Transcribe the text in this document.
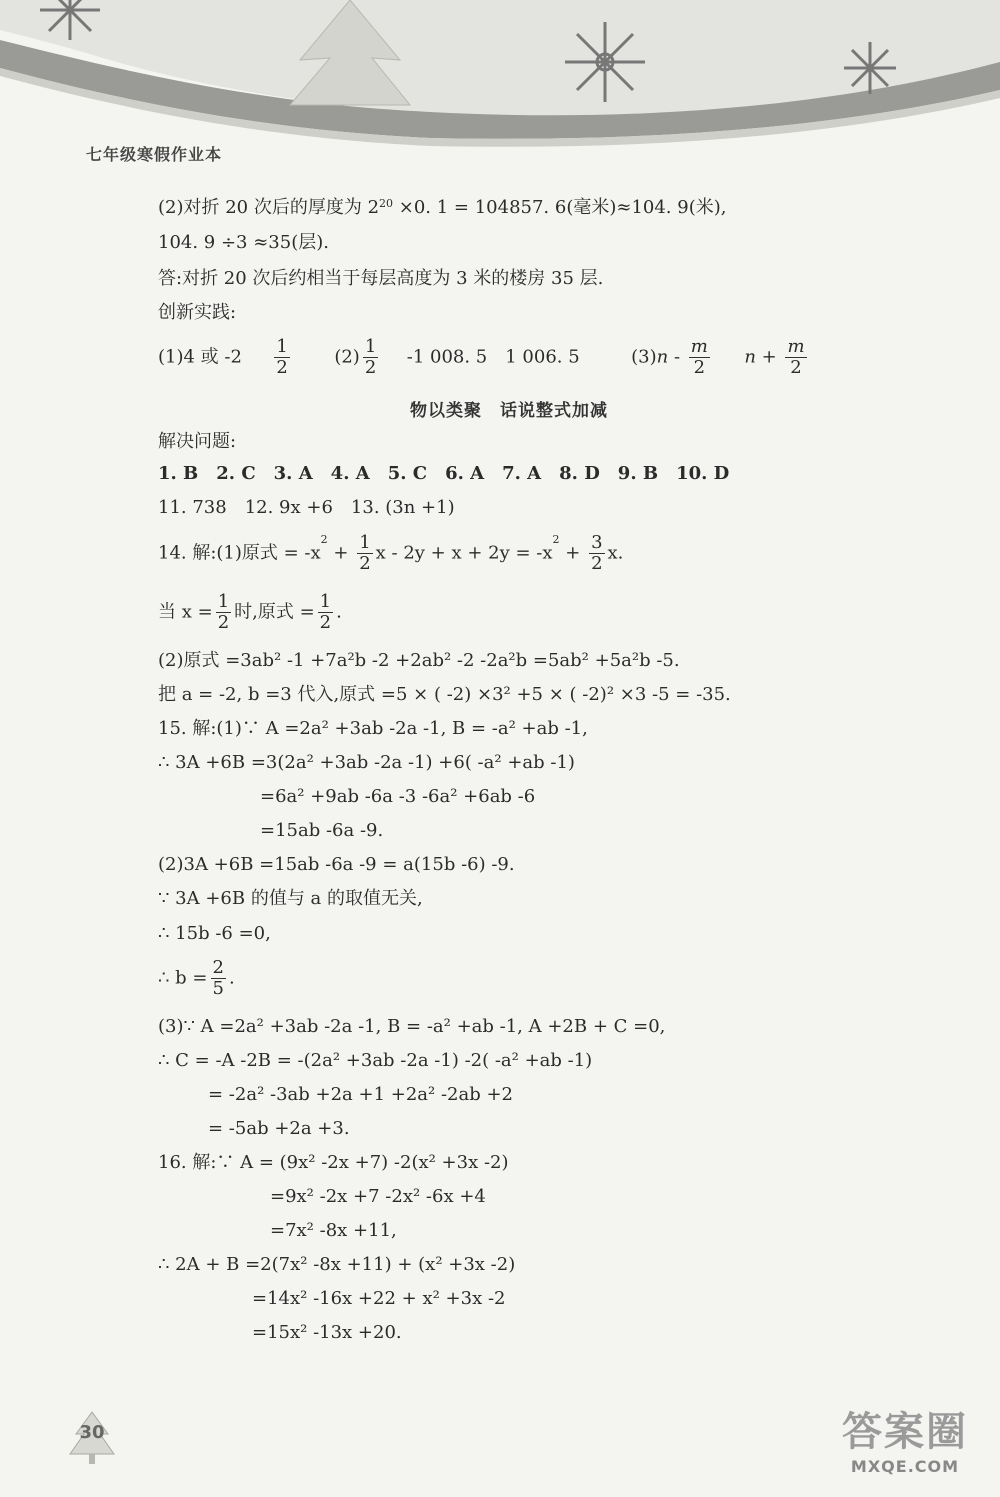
七年级寒假作业本
(2)对折 20 次后的厚度为 $2^{20} \times 0$. 1 = 104857. 6(毫米)≈104. 9(米),
104. 9 ÷3 ≈35(层).
答:对折 20 次后约相当于每层高度为 3 米的楼房 35 层.
创新实践:
(1)4 或 $-2 \frac{1}{2} (2) \frac{1}{2} -1$ 008. 5　1 006. 5	$(3)n - \frac{m}{2}$ $n + \frac{m}{2}$
物以类聚　话说整式加减
解决问题:
1. B　2. C　3. A　4. A　5. C　6. A　7. A　8. D　9. B　10. D
11. 738　12. 9x +6　13. (3n +1)
14. 解:(1)原式 = $-x^2 + \frac{1}{2}$ $x - 2y + x + 2y = -x^2 + \frac{3}{2} x$.
当 $x = \frac{1}{2}$ 时,原式 = $\frac{1}{2}$ .
(2)原式 =3ab² -1 +7a²b -2 +2ab² -2 -2a²b =5ab² +5a²b -5.
把 a = -2, b =3 代入,原式 =5 × ( -2) ×3² +5 × ( -2)² ×3 -5 = -35.
15. 解:(1)∵ A =2a² +3ab -2a -1, B = -a² +ab -1,
∴ 3A +6B =3(2a² +3ab -2a -1) +6( -a² +ab -1)
=6a² +9ab -6a -3 -6a² +6ab -6
=15ab -6a -9.
(2)3A +6B =15ab -6a -9 = a(15b -6) -9.
∵ 3A +6B 的值与 a 的取值无关,
∴ 15b -6 =0,
∴ $b = \frac{2}{5}$ .
(3)∵ A =2a² +3ab -2a -1, B = -a² +ab -1, A +2B + C =0,
∴ C = -A -2B = -(2a² +3ab -2a -1) -2( -a² +ab -1)
= -2a² -3ab +2a +1 +2a² -2ab +2
= -5ab +2a +3.
16. 解:∵ A = (9x² -2x +7) -2(x² +3x -2)
=9x² -2x +7 -2x² -6x +4
=7x² -8x +11,
∴ 2A + B =2(7x² -8x +11) + (x² +3x -2)
=14x² -16x +22 + x² +3x -2
=15x² -13x +20.
30	答案圈
MXQE.COM
